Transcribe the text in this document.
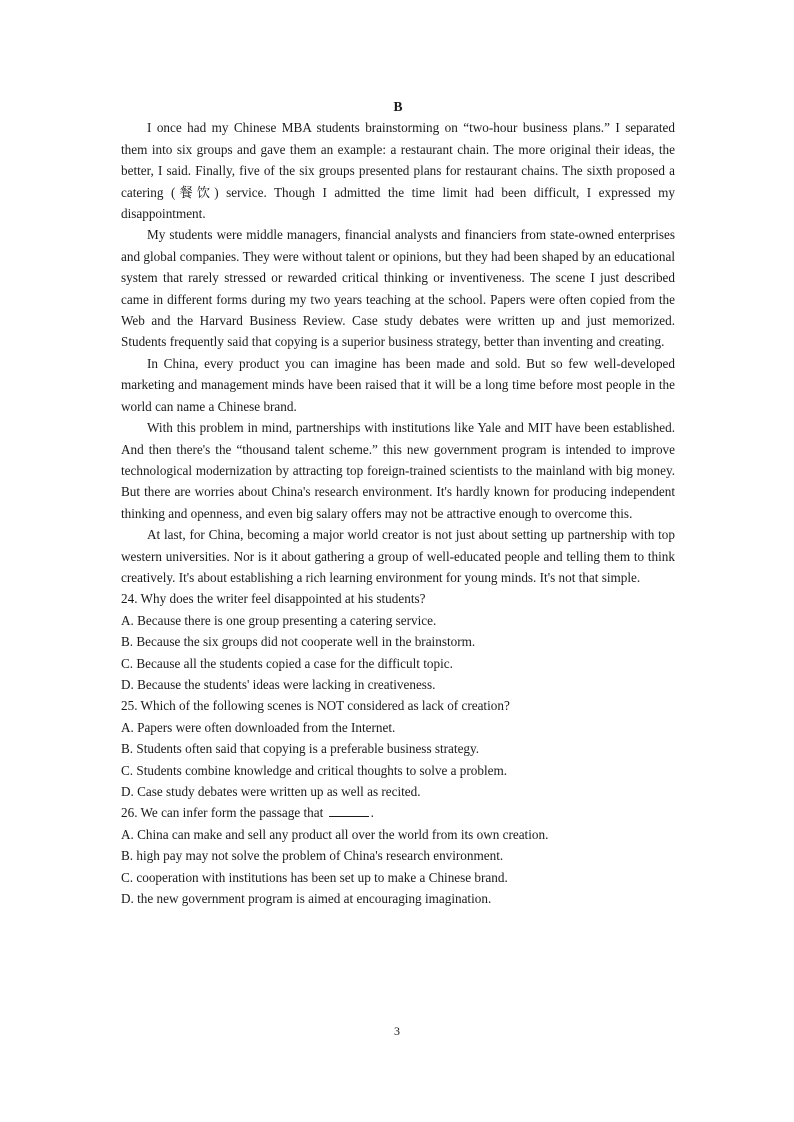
B

I once had my Chinese MBA students brainstorming on “two-hour business plans.” I separated them into six groups and gave them an example: a restaurant chain. The more original their ideas, the better, I said. Finally, five of the six groups presented plans for restaurant chains. The sixth proposed a catering (餐饮) service. Though I admitted the time limit had been difficult, I expressed my disappointment.

My students were middle managers, financial analysts and financiers from state-owned enterprises and global companies. They were without talent or opinions, but they had been shaped by an educational system that rarely stressed or rewarded critical thinking or inventiveness. The scene I just described came in different forms during my two years teaching at the school. Papers were often copied from the Web and the Harvard Business Review. Case study debates were written up and just memorized. Students frequently said that copying is a superior business strategy, better than inventing and creating.

In China, every product you can imagine has been made and sold. But so few well-developed marketing and management minds have been raised that it will be a long time before most people in the world can name a Chinese brand.

With this problem in mind, partnerships with institutions like Yale and MIT have been established. And then there's the “thousand talent scheme.” this new government program is intended to improve technological modernization by attracting top foreign-trained scientists to the mainland with big money. But there are worries about China's research environment. It's hardly known for producing independent thinking and openness, and even big salary offers may not be attractive enough to overcome this.

At last, for China, becoming a major world creator is not just about setting up partnership with top western universities. Nor is it about gathering a group of well-educated people and telling them to think creatively. It's about establishing a rich learning environment for young minds. It's not that simple.

24. Why does the writer feel disappointed at his students?

A. Because there is one group presenting a catering service.

B. Because the six groups did not cooperate well in the brainstorm.

C. Because all the students copied a case for the difficult topic.

D. Because the students' ideas were lacking in creativeness.

25. Which of the following scenes is NOT considered as lack of creation?

A. Papers were often downloaded from the Internet.

B. Students often said that copying is a preferable business strategy.

C. Students combine knowledge and critical thoughts to solve a problem.

D. Case study debates were written up as well as recited.

26. We can infer form the passage that	.

A. China can make and sell any product all over the world from its own creation.

B. high pay may not solve the problem of China's research environment.

C. cooperation with institutions has been set up to make a Chinese brand.

D. the new government program is aimed at encouraging imagination.

3
